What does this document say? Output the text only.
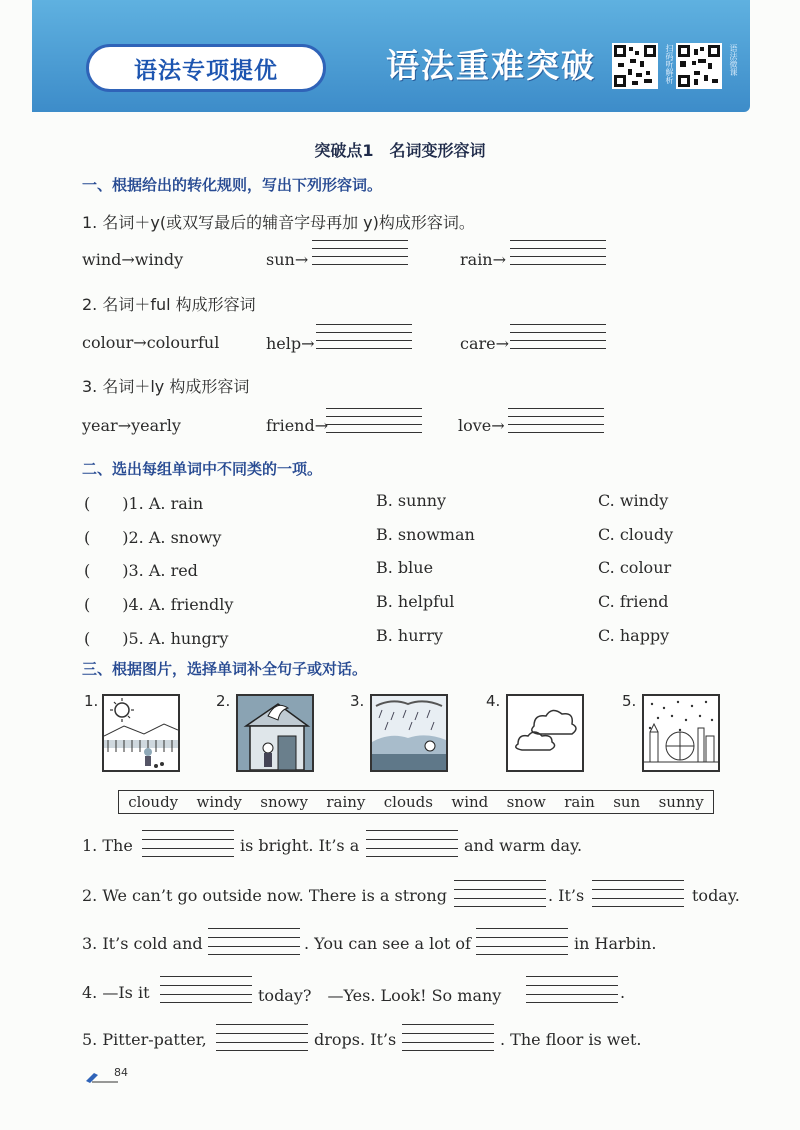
语法专项提优	语法重难突破	扫码听解析	语法微课
突破点1　名词变形容词
一、根据给出的转化规则，写出下列形容词。
1. 名词＋y(或双写最后的辅音字母再加 y)构成形容词。
wind→windy	sun→	rain→
2. 名词＋ful 构成形容词
colour→colourful	help→	care→
3. 名词＋ly 构成形容词
year→yearly	friend→	love→
二、选出每组单词中不同类的一项。
(　　)1. A. rain	B. sunny	C. windy
(　　)2. A. snowy	B. snowman	C. cloudy
(　　)3. A. red	B. blue	C. colour
(　　)4. A. friendly	B. helpful	C. friend
(　　)5. A. hungry	B. hurry	C. happy
三、根据图片，选择单词补全句子或对话。
1.	2.	3.	4.	5.
cloudy windy snowy rainy clouds wind snow rain sun sunny
1. The	is bright. It’s a	and warm day.
2. We can’t go outside now. There is a strong	. It’s	today.
3. It’s cold and	. You can see a lot of	in Harbin.
4. —Is it	today?　—Yes. Look! So many	.
5. Pitter-patter,	drops. It’s	. The floor is wet.
84
